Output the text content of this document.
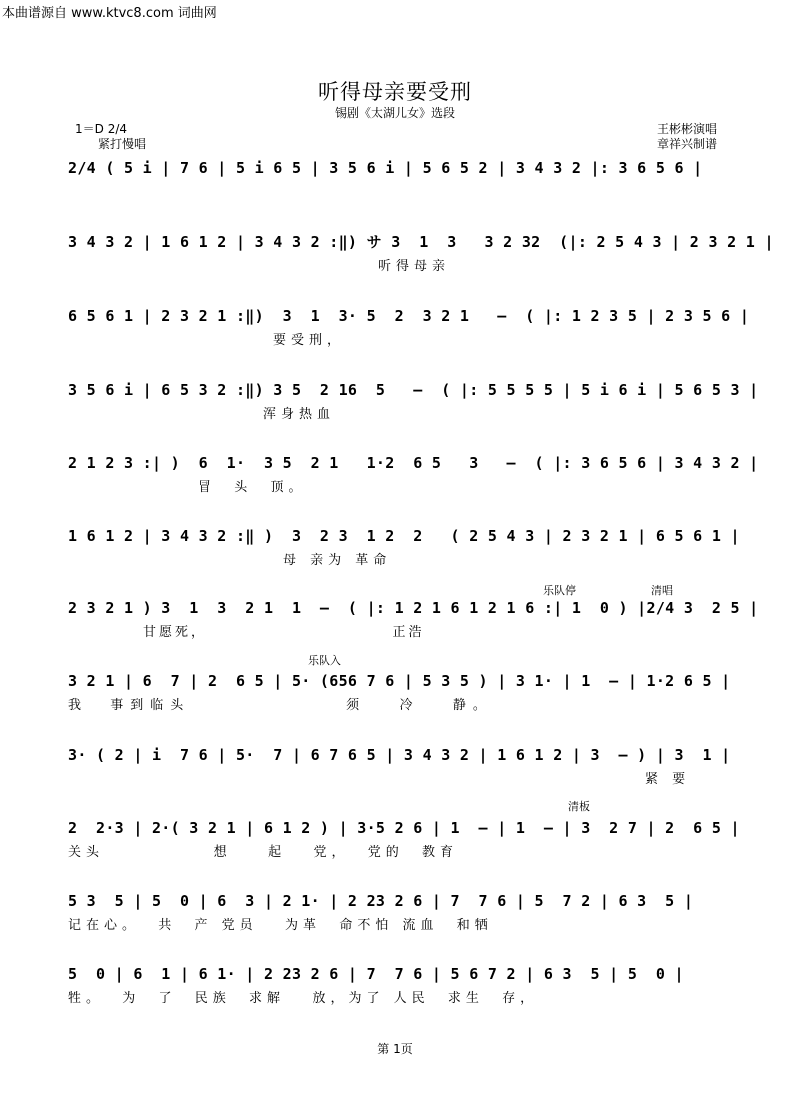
本曲谱源自 www.ktvc8.com 词曲网
听得母亲要受刑
锡剧《太湖儿女》选段
1＝D 2/4
紧打慢唱
王彬彬演唱
章祥兴制谱
2/4 ( 5 i | 7 6 | 5 i 6 5 | 3 5 6 i | 5 6 5 2 | 3 4 3 2 |: 3 6 5 6 |
3 4 3 2 | 1 6 1 2 | 3 4 3 2 :‖) サ 3  1  3   3 2 32  (|: 2 5 4 3 | 2 3 2 1 |
听得母亲
6 5 6 1 | 2 3 2 1 :‖)  3  1  3· 5  2  3 2 1   –  ( |: 1 2 3 5 | 2 3 5 6 |
要受刑，
3 5 6 i | 6 5 3 2 :‖) 3 5  2 16  5   –  ( |: 5 5 5 5 | 5 i 6 i | 5 6 5 3 |
浑身热血
2 1 2 3 :| )  6  1·  3 5  2 1   1·2  6 5   3   –  ( |: 3 6 5 6 | 3 4 3 2 |
冒  头  顶。
1 6 1 2 | 3 4 3 2 :‖ )  3  2 3  1 2  2   ( 2 5 4 3 | 2 3 2 1 | 6 5 6 1 |
母 亲为 革命
乐队停	清唱
2 3 2 1 ) 3  1  3  2 1  1  –  ( |: 1 2 1 6 1 2 1 6 :| 1  0 ) |2/4 3  2 5 |
甘愿死，                          正浩
乐队入
3 2 1 | 6  7 | 2  6 5 | 5· (656 7 6 | 5 3 5 ) | 3 1· | 1  – | 1·2 6 5 |
我  事到临头              须   冷   静。
3· ( 2 | i  7 6 | 5·  7 | 6 7 6 5 | 3 4 3 2 | 1 6 1 2 | 3  – ) | 3  1 |
紧 要
清板
2  2·3 | 2·( 3 2 1 | 6 1 2 ) | 3·5 2 6 | 1  – | 1  – | 3  2 7 | 2  6 5 |
关头            想    起   党，  党的  教育
5 3  5 | 5  0 | 6  3 | 2 1· | 2 23 2 6 | 7  7 6 | 5  7 2 | 6 3  5 |
记在心。  共  产 党员   为革  命不怕 流血  和牺
5  0 | 6  1 | 6 1· | 2 23 2 6 | 7  7 6 | 5 6 7 2 | 6 3  5 | 5  0 |
牲。  为  了  民族  求解   放，为了 人民  求生  存，
第 1页
